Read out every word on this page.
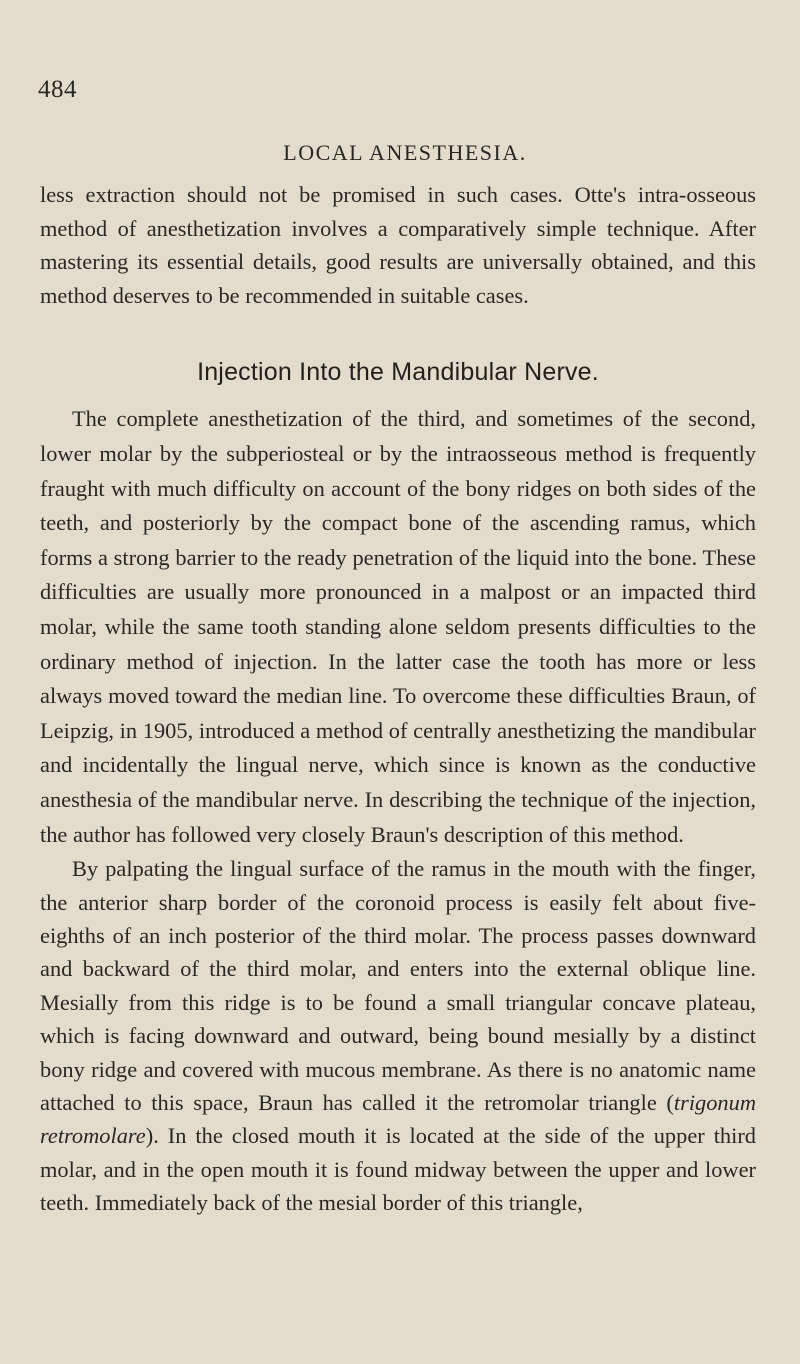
484
LOCAL ANESTHESIA.

less extraction should not be promised in such cases. Otte's intra-osseous method of anesthetization involves a comparatively simple technique. After mastering its essential details, good results are universally obtained, and this method deserves to be recommended in suitable cases.

Injection Into the Mandibular Nerve.

The complete anesthetization of the third, and sometimes of the second, lower molar by the subperiosteal or by the intraosseous method is frequently fraught with much difficulty on account of the bony ridges on both sides of the teeth, and posteriorly by the compact bone of the ascending ramus, which forms a strong barrier to the ready penetration of the liquid into the bone. These difficulties are usually more pronounced in a malpost or an impacted third molar, while the same tooth standing alone seldom presents difficulties to the ordinary method of injection. In the latter case the tooth has more or less always moved toward the median line. To overcome these difficulties Braun, of Leipzig, in 1905, introduced a method of centrally anesthetizing the mandibular and incidentally the lingual nerve, which since is known as the conductive anesthesia of the mandibular nerve. In describing the technique of the injection, the author has followed very closely Braun's description of this method.

By palpating the lingual surface of the ramus in the mouth with the finger, the anterior sharp border of the coronoid process is easily felt about five-eighths of an inch posterior of the third molar. The process passes downward and backward of the third molar, and enters into the external oblique line. Mesially from this ridge is to be found a small triangular concave plateau, which is facing downward and outward, being bound mesially by a distinct bony ridge and covered with mucous membrane. As there is no anatomic name attached to this space, Braun has called it the retromolar triangle (trigonum retromolare). In the closed mouth it is located at the side of the upper third molar, and in the open mouth it is found midway between the upper and lower teeth. Immediately back of the mesial border of this triangle,
